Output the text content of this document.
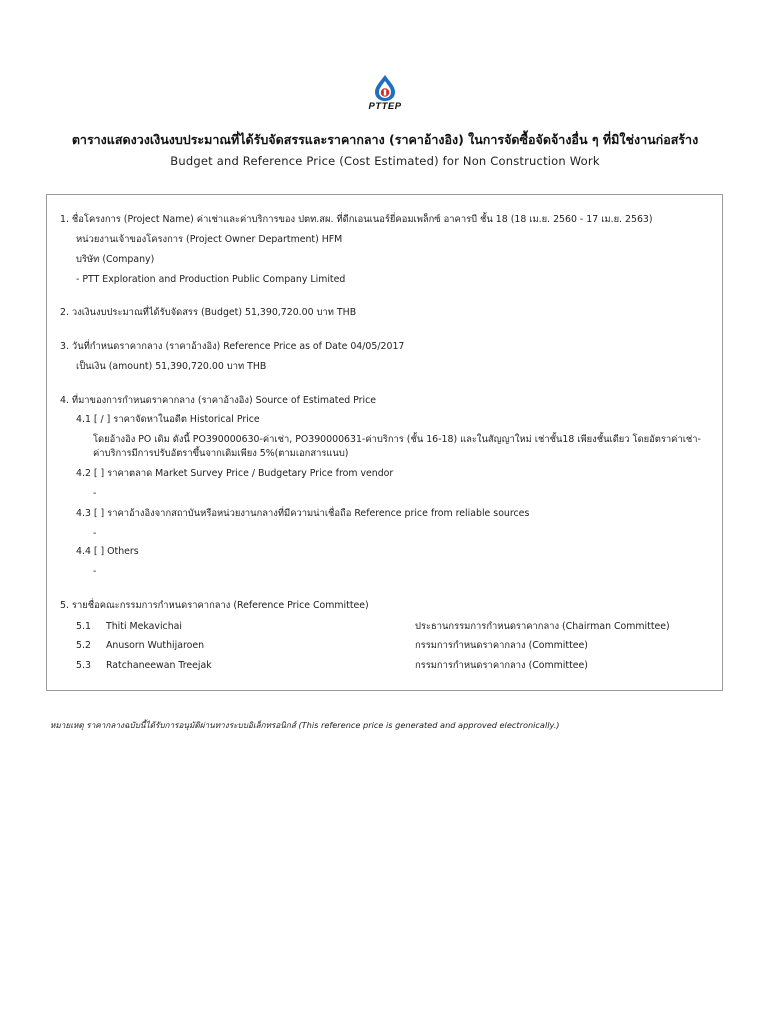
PTTEP
ตารางแสดงวงเงินงบประมาณที่ได้รับจัดสรรและราคากลาง (ราคาอ้างอิง) ในการจัดซื้อจัดจ้างอื่น ๆ ที่มิใช่งานก่อสร้าง
Budget and Reference Price (Cost Estimated) for Non Construction Work
1. ชื่อโครงการ (Project Name) ค่าเช่าและค่าบริการของ ปตท.สผ. ที่ดีกเอนเนอร์ยี่คอมเพล็กซ์ อาคารบี ชั้น 18 (18 เม.ย. 2560 - 17 เม.ย. 2563)
หน่วยงานเจ้าของโครงการ (Project Owner Department) HFM
บริษัท (Company)
- PTT Exploration and Production Public Company Limited
2. วงเงินงบประมาณที่ได้รับจัดสรร (Budget) 51,390,720.00 บาท THB
3. วันที่กำหนดราคากลาง (ราคาอ้างอิง) Reference Price as of Date 04/05/2017
เป็นเงิน (amount) 51,390,720.00 บาท THB
4. ที่มาของการกำหนดราคากลาง (ราคาอ้างอิง) Source of Estimated Price
4.1 [ / ] ราคาจัดหาในอดีต Historical Price
โดยอ้างอิง PO เดิม ดังนี้ PO390000630-ค่าเช่า, PO390000631-ค่าบริการ (ชั้น 16-18) และในสัญญาใหม่ เช่าชั้น18 เพียงชั้นเดียว โดยอัตราค่าเช่า-
ค่าบริการมีการปรับอัตราขึ้นจากเดิมเพียง 5%(ตามเอกสารแนบ)
4.2 [ ] ราคาตลาด Market Survey Price / Budgetary Price from vendor
-
4.3 [ ] ราคาอ้างอิงจากสถาบันหรือหน่วยงานกลางที่มีความน่าเชื่อถือ Reference price from reliable sources
-
4.4 [ ] Others
-
5. รายชื่อคณะกรรมการกำหนดราคากลาง (Reference Price Committee)
5.1 Thiti Mekavichai	ประธานกรรมการกำหนดราคากลาง (Chairman Committee)
5.2 Anusorn Wuthijaroen	กรรมการกำหนดราคากลาง (Committee)
5.3 Ratchaneewan Treejak	กรรมการกำหนดราคากลาง (Committee)
หมายเหตุ ราคากลางฉบับนี้ได้รับการอนุมัติผ่านทางระบบอิเล็กทรอนิกส์ (This reference price is generated and approved electronically.)
